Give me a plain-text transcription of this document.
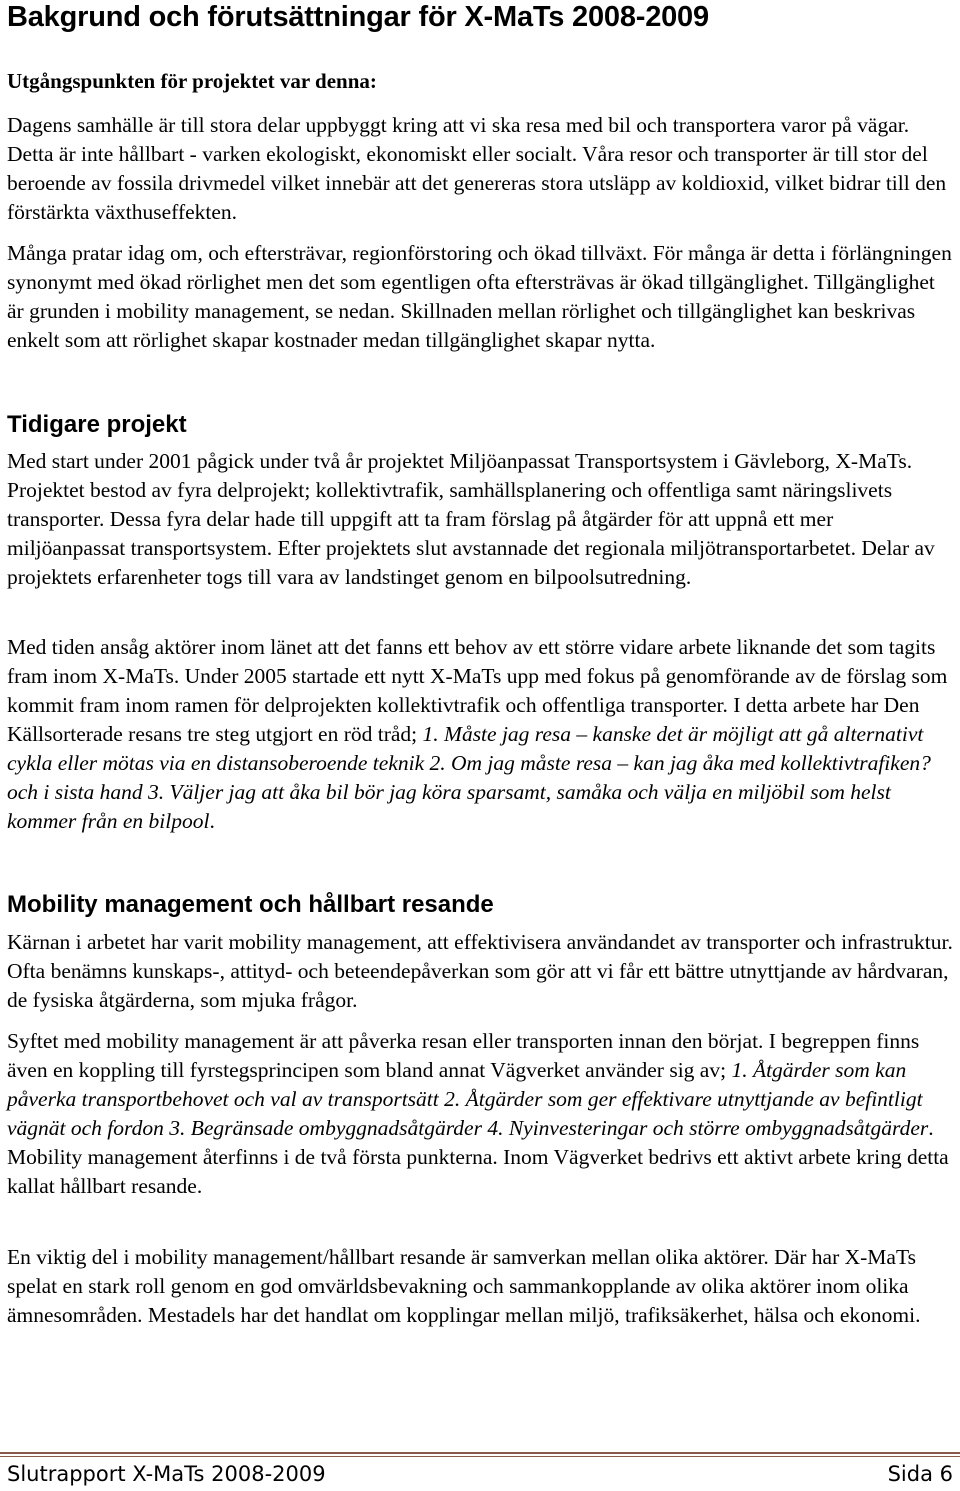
Bakgrund och förutsättningar för X-MaTs 2008-2009
Utgångspunkten för projektet var denna:

Dagens samhälle är till stora delar uppbyggt kring att vi ska resa med bil och transportera varor på vägar. Detta är inte hållbart - varken ekologiskt, ekonomiskt eller socialt. Våra resor och transporter är till stor del beroende av fossila drivmedel vilket innebär att det genereras stora utsläpp av koldioxid, vilket bidrar till den förstärkta växthuseffekten.

Många pratar idag om, och eftersträvar, regionförstoring och ökad tillväxt. För många är detta i förlängningen synonymt med ökad rörlighet men det som egentligen ofta eftersträvas är ökad tillgänglighet. Tillgänglighet är grunden i mobility management, se nedan. Skillnaden mellan rörlighet och tillgänglighet kan beskrivas enkelt som att rörlighet skapar kostnader medan tillgänglighet skapar nytta.

Tidigare projekt

Med start under 2001 pågick under två år projektet Miljöanpassat Transportsystem i Gävleborg, X-MaTs. Projektet bestod av fyra delprojekt; kollektivtrafik, samhällsplanering och offentliga samt näringslivets transporter. Dessa fyra delar hade till uppgift att ta fram förslag på åtgärder för att uppnå ett mer miljöanpassat transportsystem. Efter projektets slut avstannade det regionala miljötransportarbetet. Delar av projektets erfarenheter togs till vara av landstinget genom en bilpoolsutredning.

Med tiden ansåg aktörer inom länet att det fanns ett behov av ett större vidare arbete liknande det som tagits fram inom X-MaTs. Under 2005 startade ett nytt X-MaTs upp med fokus på genomförande av de förslag som kommit fram inom ramen för delprojekten kollektivtrafik och offentliga transporter. I detta arbete har Den Källsorterade resans tre steg utgjort en röd tråd; 1. Måste jag resa – kanske det är möjligt att gå alternativt cykla eller mötas via en distansoberoende teknik 2. Om jag måste resa – kan jag åka med kollektivtrafiken? och i sista hand 3. Väljer jag att åka bil bör jag köra sparsamt, samåka och välja en miljöbil som helst kommer från en bilpool.

Mobility management och hållbart resande

Kärnan i arbetet har varit mobility management, att effektivisera användandet av transporter och infrastruktur. Ofta benämns kunskaps-, attityd- och beteendepåverkan som gör att vi får ett bättre utnyttjande av hårdvaran, de fysiska åtgärderna, som mjuka frågor.

Syftet med mobility management är att påverka resan eller transporten innan den börjat. I begreppen finns även en koppling till fyrstegsprincipen som bland annat Vägverket använder sig av; 1. Åtgärder som kan påverka transportbehovet och val av transportsätt 2. Åtgärder som ger effektivare utnyttjande av befintligt vägnät och fordon 3. Begränsade ombyggnadsåtgärder 4. Nyinvesteringar och större ombyggnadsåtgärder. Mobility management återfinns i de två första punkterna. Inom Vägverket bedrivs ett aktivt arbete kring detta kallat hållbart resande.

En viktig del i mobility management/hållbart resande är samverkan mellan olika aktörer. Där har X-MaTs spelat en stark roll genom en god omvärldsbevakning och sammankopplande av olika aktörer inom olika ämnesområden. Mestadels har det handlat om kopplingar mellan miljö, trafiksäkerhet, hälsa och ekonomi.

Slutrapport X-MaTs 2008-2009	Sida 6
